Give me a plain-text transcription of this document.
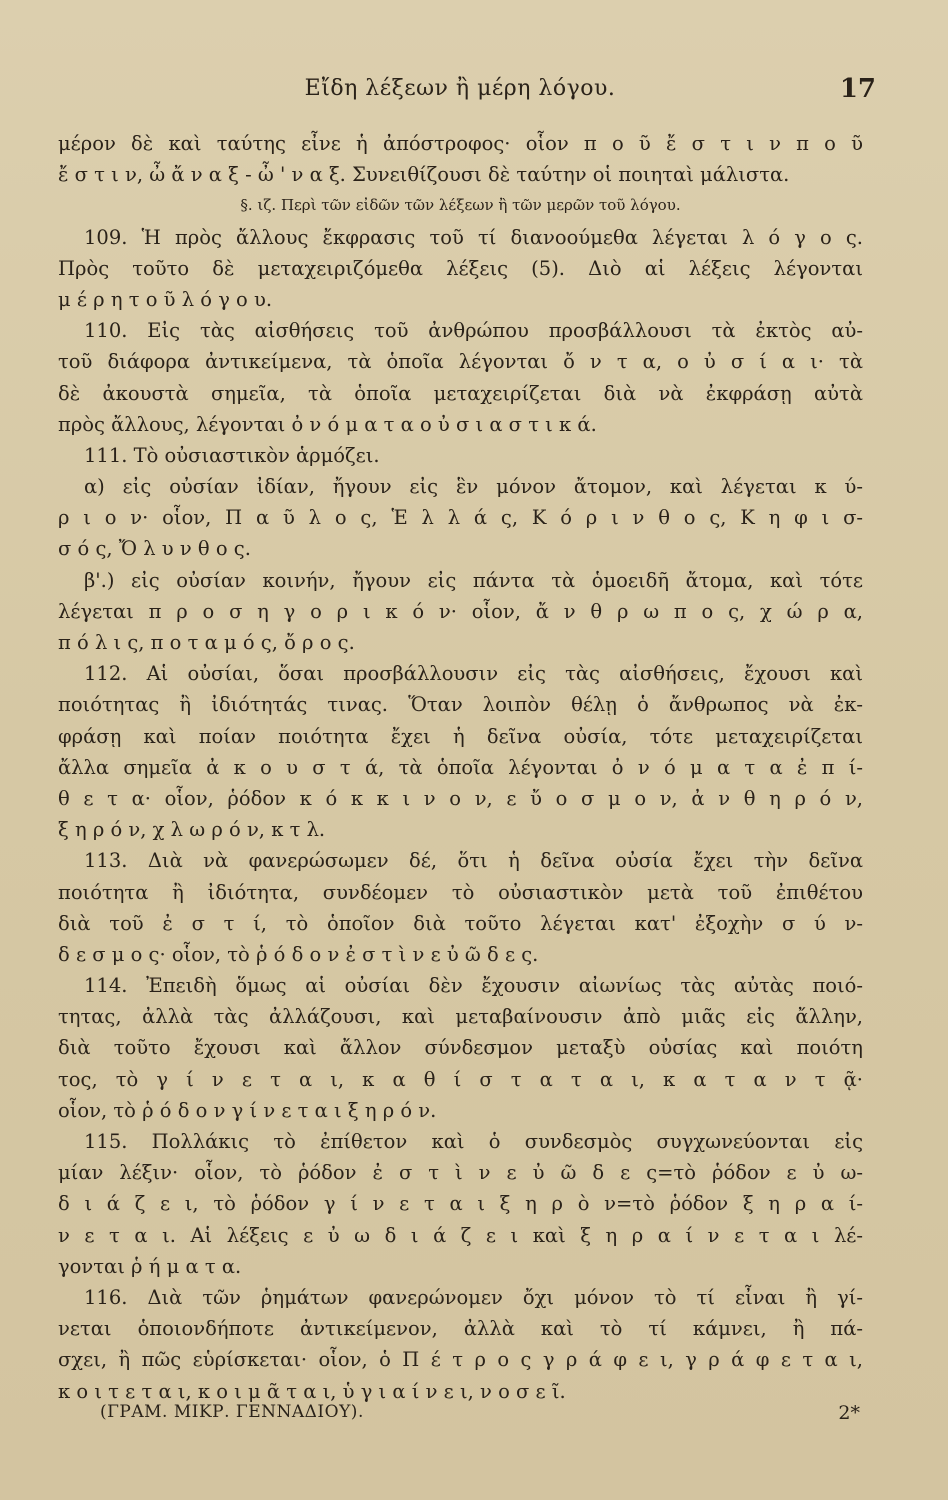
Εἴδη λέξεων ἢ μέρη λόγου.	17
μέρον δὲ καὶ ταύτης εἶνε ἡ ἀπόστροφος· οἷον π ο ῦ ἔ σ τ ι ν π ο ῦ
ἔ σ τ ι ν, ὦ ἄ ν α ξ - ὦ ' ν α ξ. Συνειθίζουσι δὲ ταύτην οἱ ποιηταὶ μάλιστα.
§. ιζ. Περὶ τῶν εἰδῶν τῶν λέξεων ἢ τῶν μερῶν τοῦ λόγου.
109. Ἡ πρὸς ἄλλους ἔκφρασις τοῦ τί διανοούμεθα λέγεται λ ό γ ο ς.
Πρὸς τοῦτο δὲ μεταχειριζόμεθα λέξεις (5). Διὸ αἱ λέξεις λέγονται
μ έ ρ η τ ο ῦ λ ό γ ο υ.
110. Εἰς τὰς αἰσθήσεις τοῦ ἀνθρώπου προσβάλλουσι τὰ ἐκτὸς αὐ-
τοῦ διάφορα ἀντικείμενα, τὰ ὁποῖα λέγονται ὄ ν τ α, ο ὐ σ ί α ι· τὰ
δὲ ἀκουστὰ σημεῖα, τὰ ὁποῖα μεταχειρίζεται διὰ νὰ ἐκφράσῃ αὐτὰ
πρὸς ἄλλους, λέγονται ὀ ν ό μ α τ α ο ὐ σ ι α σ τ ι κ ά.
111. Τὸ οὐσιαστικὸν ἁρμόζει.
α) εἰς οὐσίαν ἰδίαν, ἤγουν εἰς ἓν μόνον ἄτομον, καὶ λέγεται κ ύ-
ρ ι ο ν· οἷον, Π α ῦ λ ο ς, Ἑ λ λ ά ς, Κ ό ρ ι ν θ ο ς, Κ η φ ι σ-
σ ό ς, Ὄ λ υ ν θ ο ς.
β'.) εἰς οὐσίαν κοινήν, ἤγουν εἰς πάντα τὰ ὁμοειδῆ ἄτομα, καὶ τότε
λέγεται π ρ ο σ η γ ο ρ ι κ ό ν· οἷον, ἄ ν θ ρ ω π ο ς, χ ώ ρ α,
π ό λ ι ς, π ο τ α μ ό ς, ὄ ρ ο ς.
112. Αἱ οὐσίαι, ὅσαι προσβάλλουσιν εἰς τὰς αἰσθήσεις, ἔχουσι καὶ
ποιότητας ἢ ἰδιότητάς τινας. Ὅταν λοιπὸν θέλῃ ὁ ἄνθρωπος νὰ ἐκ-
φράσῃ καὶ ποίαν ποιότητα ἔχει ἡ δεῖνα οὐσία, τότε μεταχειρίζεται
ἄλλα σημεῖα ἀ κ ο υ σ τ ά, τὰ ὁποῖα λέγονται ὀ ν ό μ α τ α ἐ π ί-
θ ε τ α· οἷον, ῥόδον κ ό κ κ ι ν ο ν, ε ὔ ο σ μ ο ν, ἀ ν θ η ρ ό ν,
ξ η ρ ό ν, χ λ ω ρ ό ν, κ τ λ.
113. Διὰ νὰ φανερώσωμεν δέ, ὅτι ἡ δεῖνα οὐσία ἔχει τὴν δεῖνα
ποιότητα ἢ ἰδιότητα, συνδέομεν τὸ οὐσιαστικὸν μετὰ τοῦ ἐπιθέτου
διὰ τοῦ ἐ σ τ ί, τὸ ὁποῖον διὰ τοῦτο λέγεται κατ' ἐξοχὴν σ ύ ν-
δ ε σ μ ο ς· οἷον, τὸ ῥ ό δ ο ν ἐ σ τ ὶ ν ε ὐ ῶ δ ε ς.
114. Ἐπειδὴ ὅμως αἱ οὐσίαι δὲν ἔχουσιν αἰωνίως τὰς αὐτὰς ποιό-
τητας, ἀλλὰ τὰς ἀλλάζουσι, καὶ μεταβαίνουσιν ἀπὸ μιᾶς εἰς ἄλλην,
διὰ τοῦτο ἔχουσι καὶ ἄλλον σύνδεσμον μεταξὺ οὐσίας καὶ ποιότη
τος, τὸ γ ί ν ε τ α ι, κ α θ ί σ τ α τ α ι, κ α τ α ν τ ᾷ·
οἷον, τὸ ῥ ό δ ο ν γ ί ν ε τ α ι ξ η ρ ό ν.
115. Πολλάκις τὸ ἐπίθετον καὶ ὁ συνδεσμὸς συγχωνεύονται εἰς
μίαν λέξιν· οἷον, τὸ ῥόδον ἐ σ τ ὶ ν ε ὐ ῶ δ ε ς=τὸ ῥόδον ε ὐ ω-
δ ι ά ζ ε ι, τὸ ῥόδον γ ί ν ε τ α ι ξ η ρ ὸ ν=τὸ ῥόδον ξ η ρ α ί-
ν ε τ α ι. Αἱ λέξεις ε ὐ ω δ ι ά ζ ε ι καὶ ξ η ρ α ί ν ε τ α ι λέ-
γονται ῥ ή μ α τ α.
116. Διὰ τῶν ῥημάτων φανερώνομεν ὄχι μόνον τὸ τί εἶναι ἢ γί-
νεται ὁποιονδήποτε ἀντικείμενον, ἀλλὰ καὶ τὸ τί κάμνει, ἢ πά-
σχει, ἢ πῶς εὑρίσκεται· οἷον, ὁ Π έ τ ρ ο ς γ ρ ά φ ε ι, γ ρ ά φ ε τ α ι,
κ ο ι τ ε τ α ι, κ ο ι μ ᾶ τ α ι, ὑ γ ι α ί ν ε ι, ν ο σ ε ῖ.
(ΓΡΑΜ. ΜΙΚΡ. ΓΕΝΝΑΔΙΟΥ).	2*
